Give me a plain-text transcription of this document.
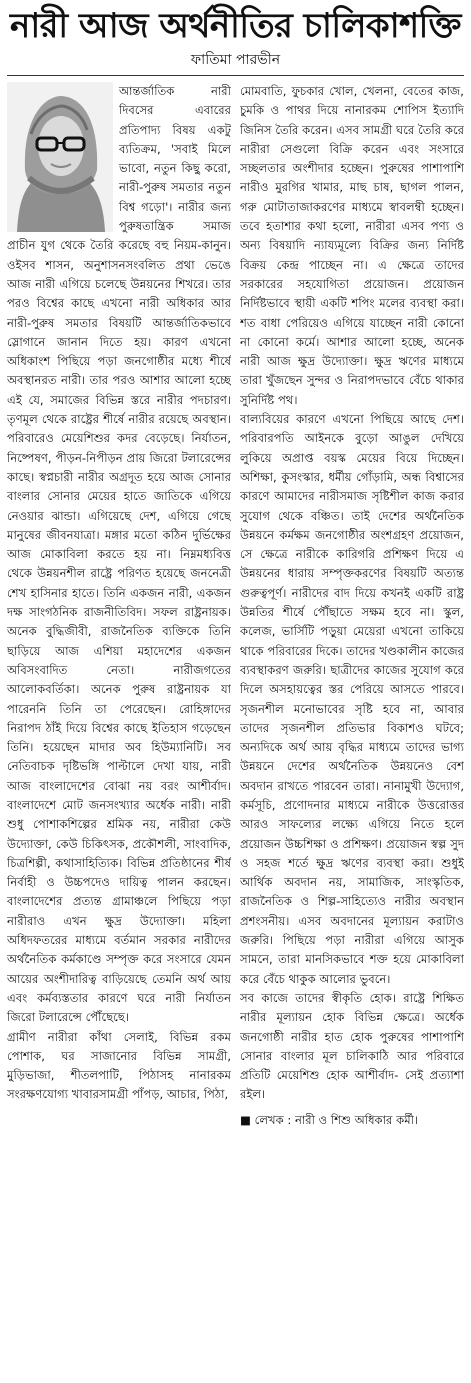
নারী আজ অর্থনীতির চালিকাশক্তি
ফাতিমা পারভীন

আন্তর্জাতিক নারী দিবসের এবারের প্রতিপাদ্য বিষয় একটু ব্যতিক্রম, 'সবাই মিলে ভাবো, নতুন কিছু করো, নারী-পুরুষ সমতার নতুন বিশ্ব গড়ো'। নারীর জন্য পুরুষতান্ত্রিক সমাজ প্রাচীন যুগ থেকে তৈরি করেছে বহু নিয়ম-কানুন। ওইসব শাসন, অনুশাসনসংবলিত প্রথা ভেঙে আজ নারী এগিয়ে চলেছে উন্নয়নের শিখরে। তার পরও বিশ্বের কাছে এখনো নারী অধিকার আর নারী-পুরুষ সমতার বিষয়টি আন্তর্জাতিকভাবে স্লোগানে জানান দিতে হয়। কারণ এখনো অধিকাংশ পিছিয়ে পড়া জনগোষ্ঠীর মধ্যে শীর্ষে অবস্থানরত নারী। তার পরও আশার আলো হচ্ছে এই যে, সমাজের বিভিন্ন স্তরে নারীর পদচারণ। তৃণমূল থেকে রাষ্ট্রের শীর্ষে নারীর রয়েছে অবস্থান। পরিবারেও মেয়েশিশুর কদর বেড়েছে। নির্যাতন, নিষ্পেষণ, পীড়ন-নিপীড়ন প্রায় জিরো টলারেন্সের কাছে। স্বপ্নচারী নারীর অগ্রদূত হয়ে আজ সোনার বাংলার সোনার মেয়ের হাতে জাতিকে এগিয়ে নেওয়ার ঝান্ডা। এগিয়েছে দেশ, এগিয়ে গেছে মানুষের জীবনযাত্রা। মঙ্গার মতো কঠিন দুর্ভিক্ষের আজ মোকাবিলা করতে হয় না। নিম্নমধ্যবিত্ত থেকে উন্নয়নশীল রাষ্ট্রে পরিণত হয়েছে জননেত্রী শেখ হাসিনার হাতে। তিনি একজন নারী, একজন দক্ষ সাংগঠনিক রাজনীতিবিদ। সফল রাষ্ট্রনায়ক। অনেক বুদ্ধিজীবী, রাজনৈতিক ব্যক্তিকে তিনি ছাড়িয়ে আজ এশিয়া মহাদেশের একজন অবিসংবাদিত নেতা। নারীজগতের আলোকবর্তিকা। অনেক পুরুষ রাষ্ট্রনায়ক যা পারেননি তিনি তা পেরেছেন। রোহিঙ্গাদের নিরাপদ ঠাঁই দিয়ে বিশ্বের কাছে ইতিহাস গড়েছেন তিনি। হয়েছেন মাদার অব হিউম্যানিটি। সব নেতিবাচক দৃষ্টিভঙ্গি পাল্টালে দেখা যায়, নারী আজ বাংলাদেশের বোঝা নয় বরং আশীর্বাদ। বাংলাদেশে মোট জনসংখ্যার অর্ধেক নারী। নারী শুধু পোশাকশিল্পের শ্রমিক নয়, নারীরা কেউ উদ্যোক্তা, কেউ চিকিৎসক, প্রকৌশলী, সাংবাদিক, চিত্রশিল্পী, কথাসাহিত্যিক। বিভিন্ন প্রতিষ্ঠানের শীর্ষ নির্বাহী ও উচ্চপদেও দায়িত্ব পালন করছেন। বাংলাদেশের প্রত্যন্ত গ্রামাঞ্চলে পিছিয়ে পড়া নারীরাও এখন ক্ষুদ্র উদ্যোক্তা। মহিলা অধিদফতরের মাধ্যমে বর্তমান সরকার নারীদের অর্থনৈতিক কর্মকাণ্ডে সম্পৃক্ত করে সংসারে যেমন আয়ের অংশীদারিত্ব বাড়িয়েছে তেমনি অর্থ আয় এবং কর্মব্যস্ততার কারণে ঘরে নারী নির্যাতন জিরো টলারেন্সে পৌঁছেছে।

গ্রামীণ নারীরা কাঁথা সেলাই, বিভিন্ন রকম পোশাক, ঘর সাজানোর বিভিন্ন সামগ্রী, মুড়িভাজা, শীতলপাটি, পিঠাসহ নানারকম সংরক্ষণযোগ্য খাবারসামগ্রী পাঁপড়, আচার, পিঠা,

মোমবাতি, ফুচকার খোল, খেলনা, বেতের কাজ, চুমকি ও পাথর দিয়ে নানারকম শোপিস ইত্যাদি জিনিস তৈরি করেন। এসব সামগ্রী ঘরে তৈরি করে নারীরা সেগুলো বিক্রি করেন এবং সংসারে সচ্ছলতার অংশীদার হচ্ছেন। পুরুষের পাশাপাশি নারীও মুরগির খামার, মাছ চাষ, ছাগল পালন, গরু মোটাতাজাকরণের মাধ্যমে স্বাবলম্বী হচ্ছেন। তবে হতাশার কথা হলো, নারীরা এসব পণ্য ও অন্য বিষয়াদি ন্যায্যমূল্যে বিক্রির জন্য নির্দিষ্ট বিক্রয় কেন্দ্র পাচ্ছেন না। এ ক্ষেত্রে তাদের সরকারের সহযোগিতা প্রয়োজন। প্রয়োজন নির্দিষ্টভাবে স্থায়ী একটি শপিং মলের ব্যবস্থা করা। শত বাধা পেরিয়েও এগিয়ে যাচ্ছেন নারী কোনো না কোনো কর্মে। আশার আলো হচ্ছে, অনেক নারী আজ ক্ষুদ্র উদ্যোক্তা। ক্ষুদ্র ঋণের মাধ্যমে তারা খুঁজছেন সুন্দর ও নিরাপদভাবে বেঁচে থাকার সুনির্দিষ্ট পথ।

বাল্যবিয়ের কারণে এখনো পিছিয়ে আছে দেশ। পরিবারপতি আইনকে বুড়ো আঙুল দেখিয়ে লুকিয়ে অপ্রাপ্ত বয়স্ক মেয়ের বিয়ে দিচ্ছেন। অশিক্ষা, কুসংস্কার, ধর্মীয় গোঁড়ামি, অন্ধ বিশ্বাসের কারণে আমাদের নারীসমাজ সৃষ্টিশীল কাজ করার সুযোগ থেকে বঞ্চিত। তাই দেশের অর্থনৈতিক উন্নয়নে কর্মক্ষম জনগোষ্ঠীর অংশগ্রহণ প্রয়োজন, সে ক্ষেত্রে নারীকে কারিগরি প্রশিক্ষণ দিয়ে এ উন্নয়নের ধারায় সম্পৃক্তকরণের বিষয়টি অত্যন্ত গুরুত্বপূর্ণ। নারীদের বাদ দিয়ে কখনই একটি রাষ্ট্র উন্নতির শীর্ষে পৌঁছাতে সক্ষম হবে না। স্কুল, কলেজ, ভার্সিটি পড়ুয়া মেয়েরা এখনো তাকিয়ে থাকে পরিবারের দিকে। তাদের খণ্ডকালীন কাজের ব্যবস্থাকরণ জরুরি। ছাত্রীদের কাজের সুযোগ করে দিলে অসহায়ত্বের স্তর পেরিয়ে আসতে পারবে। সৃজনশীল মনোভাবের সৃষ্টি হবে না, আবার তাদের সৃজনশীল প্রতিভার বিকাশও ঘটবে; অন্যদিকে অর্থ আয় বৃদ্ধির মাধ্যমে তাদের ভাগ্য উন্নয়নে দেশের অর্থনৈতিক উন্নয়নেও বেশ অবদান রাখতে পারবেন তারা। নানামুখী উদ্যোগ, কর্মসূচি, প্রণোদনার মাধ্যমে নারীকে উত্তরোত্তর আরও সাফল্যের লক্ষ্যে এগিয়ে নিতে হলে প্রয়োজন উচ্চশিক্ষা ও প্রশিক্ষণ। প্রয়োজন স্বল্প সুদ ও সহজ শর্তে ক্ষুদ্র ঋণের ব্যবস্থা করা। শুধুই আর্থিক অবদান নয়, সামাজিক, সাংস্কৃতিক, রাজনৈতিক ও শিল্প-সাহিত্যেও নারীর অবস্থান প্রশংসনীয়। এসব অবদানের মূল্যায়ন করাটাও জরুরি। পিছিয়ে পড়া নারীরা এগিয়ে আসুক সামনে, তারা মানসিকভাবে শক্ত হয়ে মোকাবিলা করে বেঁচে থাকুক আলোর ভুবনে।

সব কাজে তাদের স্বীকৃতি হোক। রাষ্ট্রে শিক্ষিত নারীর মূল্যায়ন হোক বিভিন্ন ক্ষেত্রে। অর্ধেক জনগোষ্ঠী নারীর হাত হোক পুরুষের পাশাপাশি সোনার বাংলার মূল চালিকাঠি আর পরিবারে প্রতিটি মেয়েশিশু হোক আশীর্বাদ- সেই প্রত্যাশা রইল।

■ লেখক : নারী ও শিশু অধিকার কর্মী।
